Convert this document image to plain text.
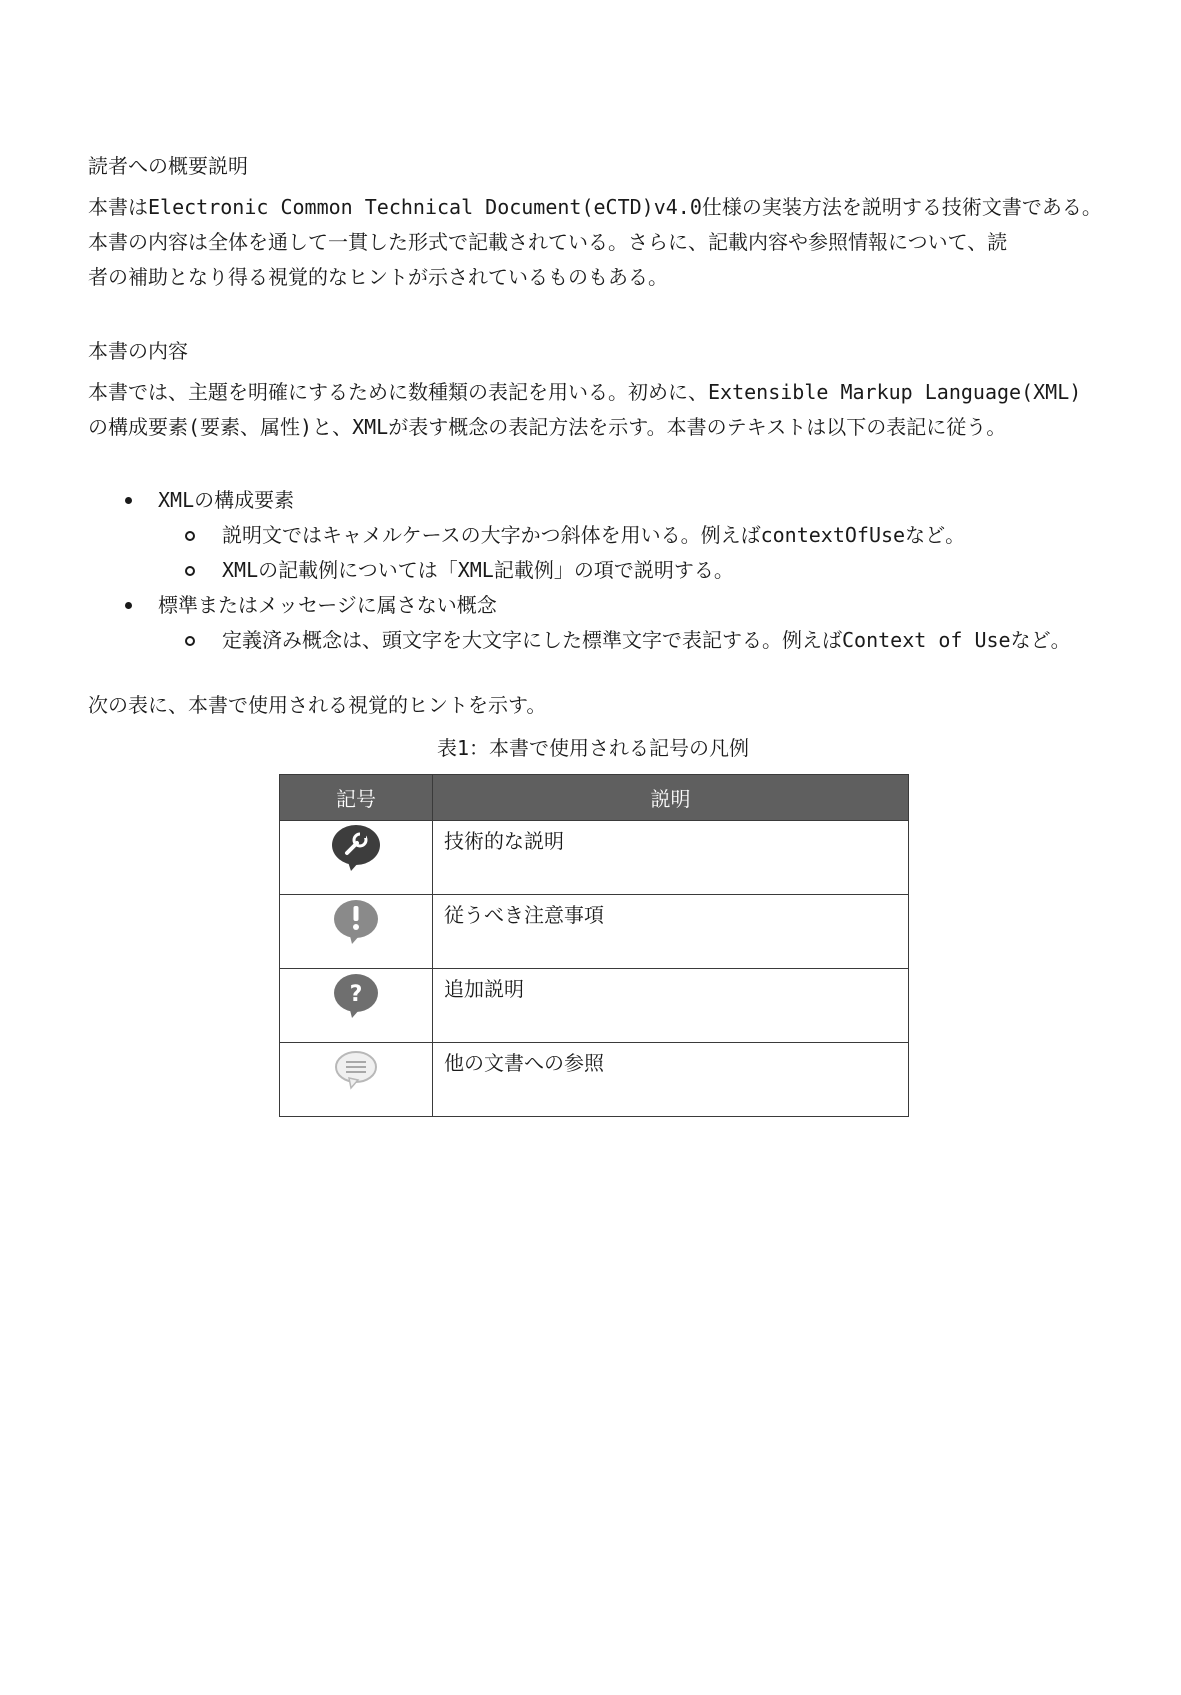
読者への概要説明

本書はElectronic Common Technical Document(eCTD)v4.0仕様の実装方法を説明する技術文書である。
本書の内容は全体を通して一貫した形式で記載されている。さらに、記載内容や参照情報について、読
者の補助となり得る視覚的なヒントが示されているものもある。

本書の内容

本書では、主題を明確にするために数種類の表記を用いる。初めに、Extensible Markup Language(XML)
の構成要素(要素、属性)と、XMLが表す概念の表記方法を示す。本書のテキストは以下の表記に従う。

XMLの構成要素
説明文ではキャメルケースの大字かつ斜体を用いる。例えばcontextOfUseなど。
XMLの記載例については「XML記載例」の項で説明する。
標準またはメッセージに属さない概念
定義済み概念は、頭文字を大文字にした標準文字で表記する。例えばContext of Useなど。

次の表に、本書で使用される視覚的ヒントを示す。

表1：本書で使用される記号の凡例

記号	説明
	技術的な説明
	従うべき注意事項

?	追加説明
	他の文書への参照
